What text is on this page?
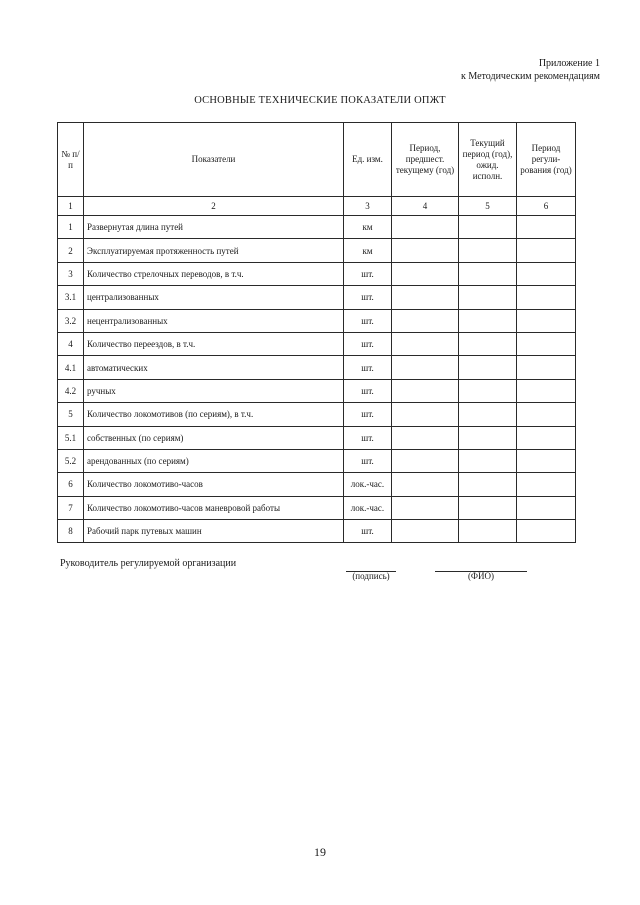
Приложение 1
к Методическим рекомендациям
ОСНОВНЫЕ ТЕХНИЧЕСКИЕ ПОКАЗАТЕЛИ ОПЖТ
№ п/п	Показатели	Ед. изм.	Период, предшест. текущему (год)	Текущий период (год), ожид. исполн.	Период регули-рования (год)
1	2	3	4	5	6
1	Развернутая длина путей	км			
2	Эксплуатируемая протяженность путей	км			
3	Количество стрелочных переводов, в т.ч.	шт.			
3.1	централизованных	шт.			
3.2	нецентрализованных	шт.			
4	Количество переездов, в т.ч.	шт.			
4.1	автоматических	шт.			
4.2	ручных	шт.			
5	Количество локомотивов (по сериям), в т.ч.	шт.			
5.1	собственных (по сериям)	шт.			
5.2	арендованных (по сериям)	шт.			
6	Количество локомотиво-часов	лок.-час.			
7	Количество локомотиво-часов маневровой работы	лок.-час.			
8	Рабочий парк путевых машин	шт.			
Руководитель регулируемой организации
(подпись)	(ФИО)
19
